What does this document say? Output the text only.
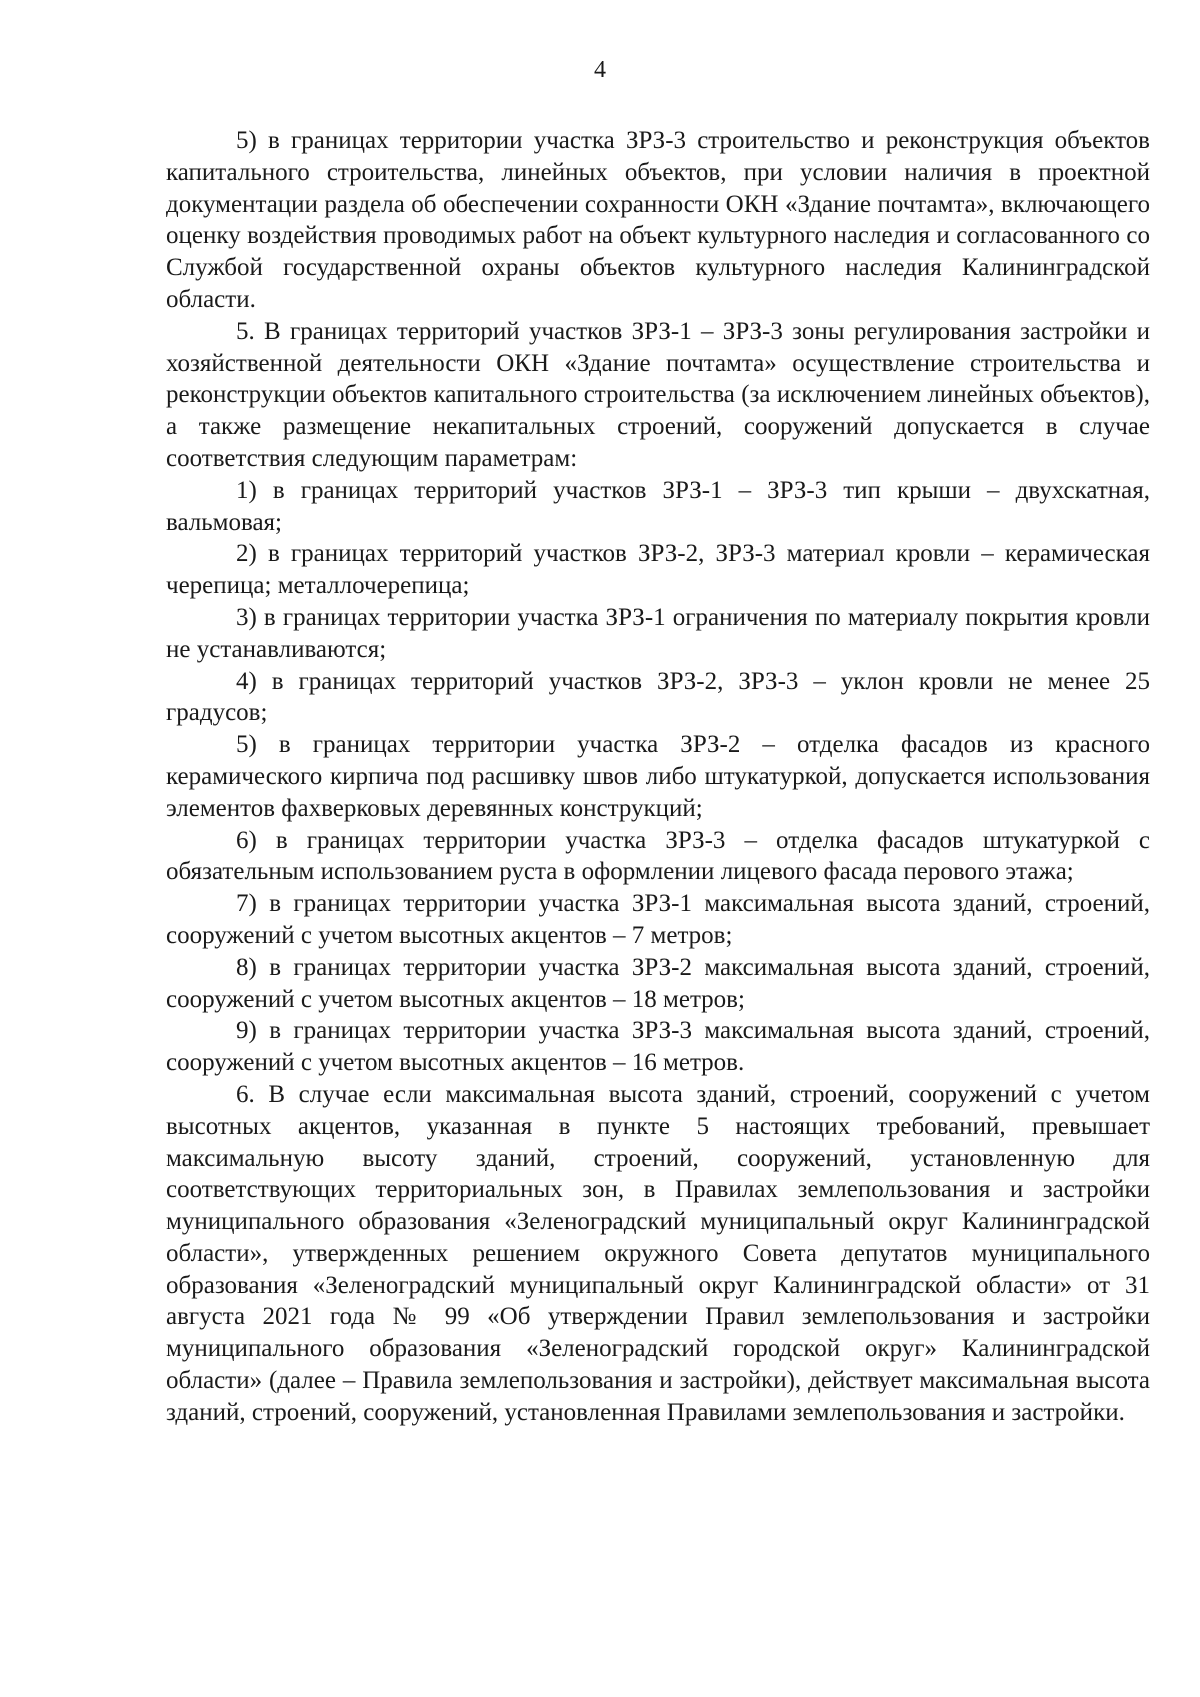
4

5) в границах территории участка ЗРЗ-3 строительство и реконструкция объектов капитального строительства, линейных объектов, при условии наличия в проектной документации раздела об обеспечении сохранности ОКН «Здание почтамта», включающего оценку воздействия проводимых работ на объект культурного наследия и согласованного со Службой государственной охраны объектов культурного наследия Калининградской области.

5. В границах территорий участков ЗРЗ-1 – ЗРЗ-3 зоны регулирования застройки и хозяйственной деятельности ОКН «Здание почтамта» осуществление строительства и реконструкции объектов капитального строительства (за исключением линейных объектов), а также размещение некапитальных строений, сооружений допускается в случае соответствия следующим параметрам:

1) в границах территорий участков ЗРЗ-1 – ЗРЗ-3 тип крыши – двухскатная, вальмовая;

2) в границах территорий участков ЗРЗ-2, ЗРЗ-3 материал кровли – керамическая черепица; металлочерепица;

3) в границах территории участка ЗРЗ-1 ограничения по материалу покрытия кровли не устанавливаются;

4) в границах территорий участков ЗРЗ-2, ЗРЗ-3 – уклон кровли не менее 25 градусов;

5) в границах территории участка ЗРЗ-2 – отделка фасадов из красного керамического кирпича под расшивку швов либо штукатуркой, допускается использования элементов фахверковых деревянных конструкций;

6) в границах территории участка ЗРЗ-3 – отделка фасадов штукатуркой с обязательным использованием руста в оформлении лицевого фасада перового этажа;

7) в границах территории участка ЗРЗ-1 максимальная высота зданий, строений, сооружений с учетом высотных акцентов – 7 метров;

8) в границах территории участка ЗРЗ-2 максимальная высота зданий, строений, сооружений с учетом высотных акцентов – 18 метров;

9) в границах территории участка ЗРЗ-3 максимальная высота зданий, строений, сооружений с учетом высотных акцентов – 16 метров.

6. В случае если максимальная высота зданий, строений, сооружений с учетом высотных акцентов, указанная в пункте 5 настоящих требований, превышает максимальную высоту зданий, строений, сооружений, установленную для соответствующих территориальных зон, в Правилах землепользования и застройки муниципального образования «Зеленоградский муниципальный округ Калининградской области», утвержденных решением окружного Совета депутатов муниципального образования «Зеленоградский муниципальный округ Калининградской области» от 31 августа 2021 года № 99 «Об утверждении Правил землепользования и застройки муниципального образования «Зеленоградский городской округ» Калининградской области» (далее – Правила землепользования и застройки), действует максимальная высота зданий, строений, сооружений, установленная Правилами землепользования и застройки.
